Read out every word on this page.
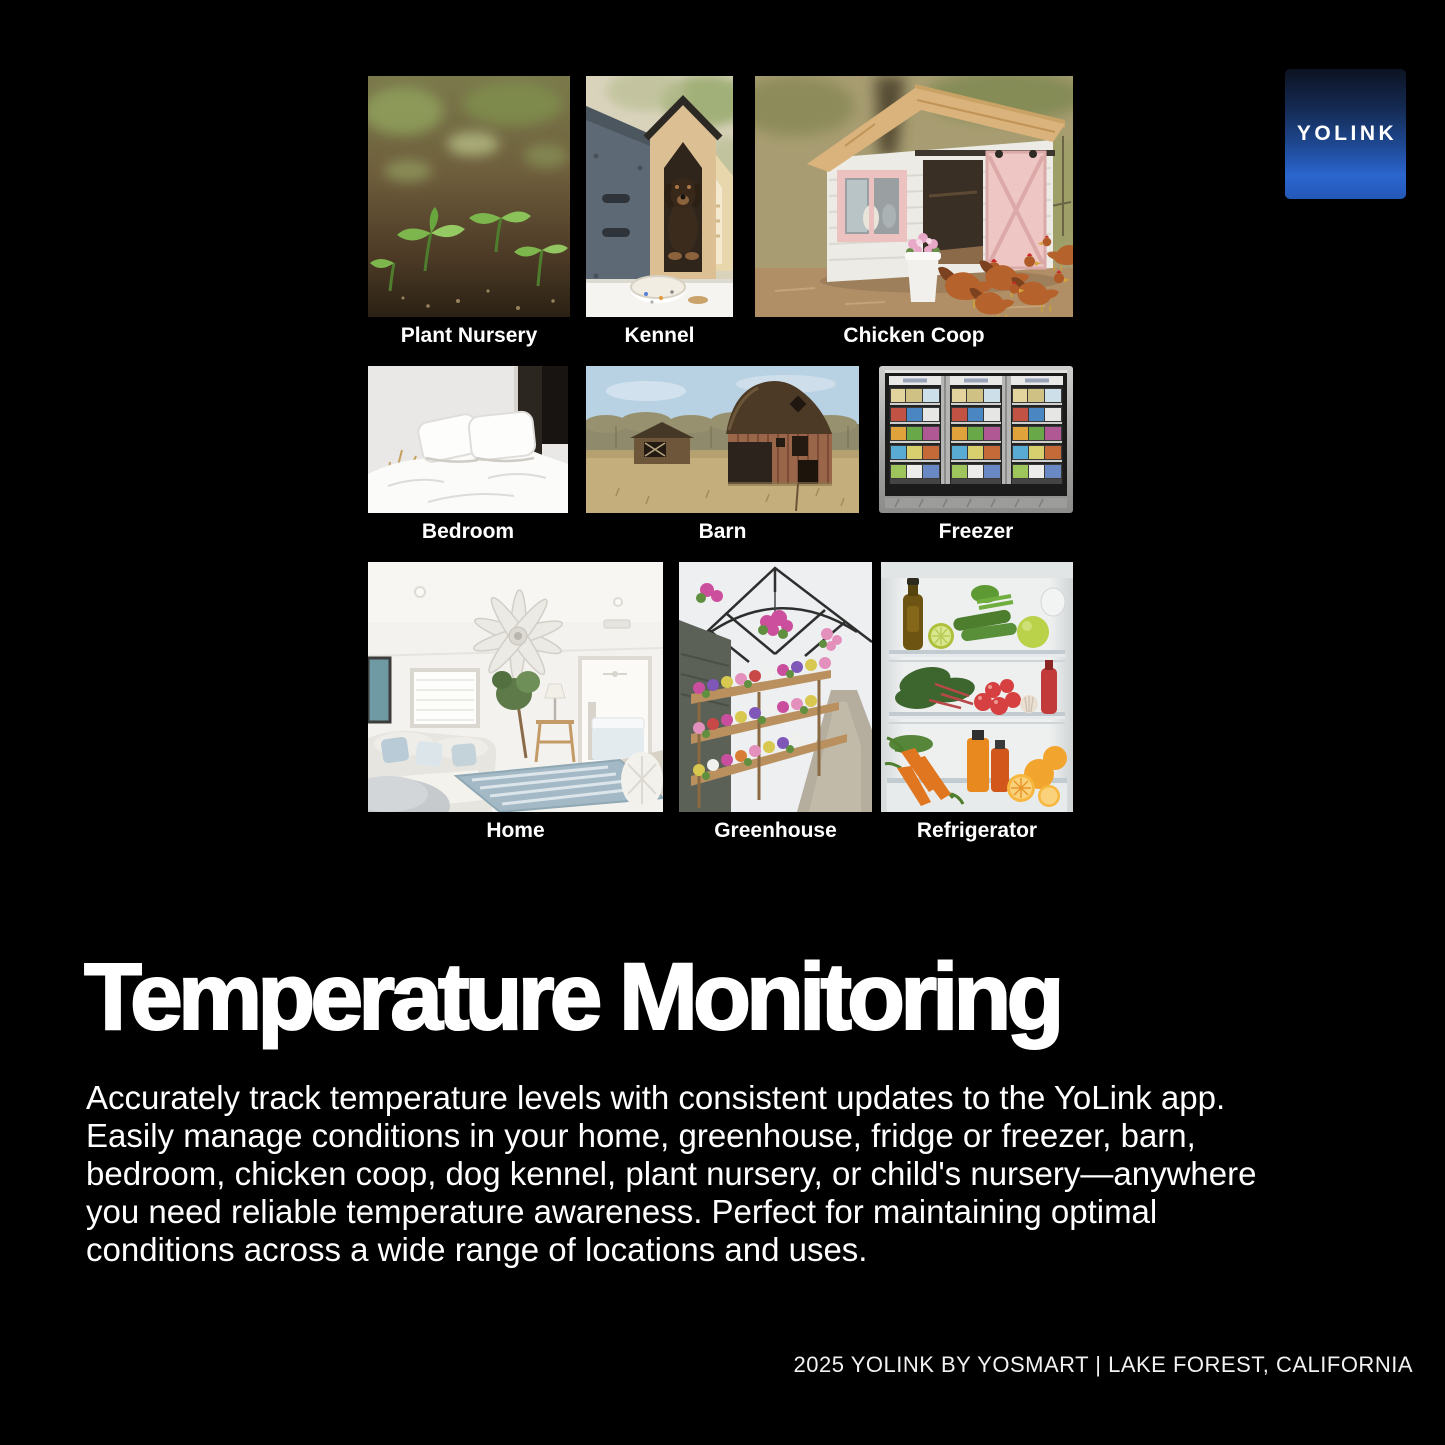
YOLINK
Plant Nursery	Kennel	Chicken Coop
Bedroom	Barn	Freezer
Home	Greenhouse	Refrigerator
Temperature Monitoring

Accurately track temperature levels with consistent updates to the YoLink app. Easily manage conditions in your home, greenhouse, fridge or freezer, barn, bedroom, chicken coop, dog kennel, plant nursery, or child's nursery—anywhere you need reliable temperature awareness. Perfect for maintaining optimal conditions across a wide range of locations and uses.

2025 YOLINK BY YOSMART | LAKE FOREST, CALIFORNIA
